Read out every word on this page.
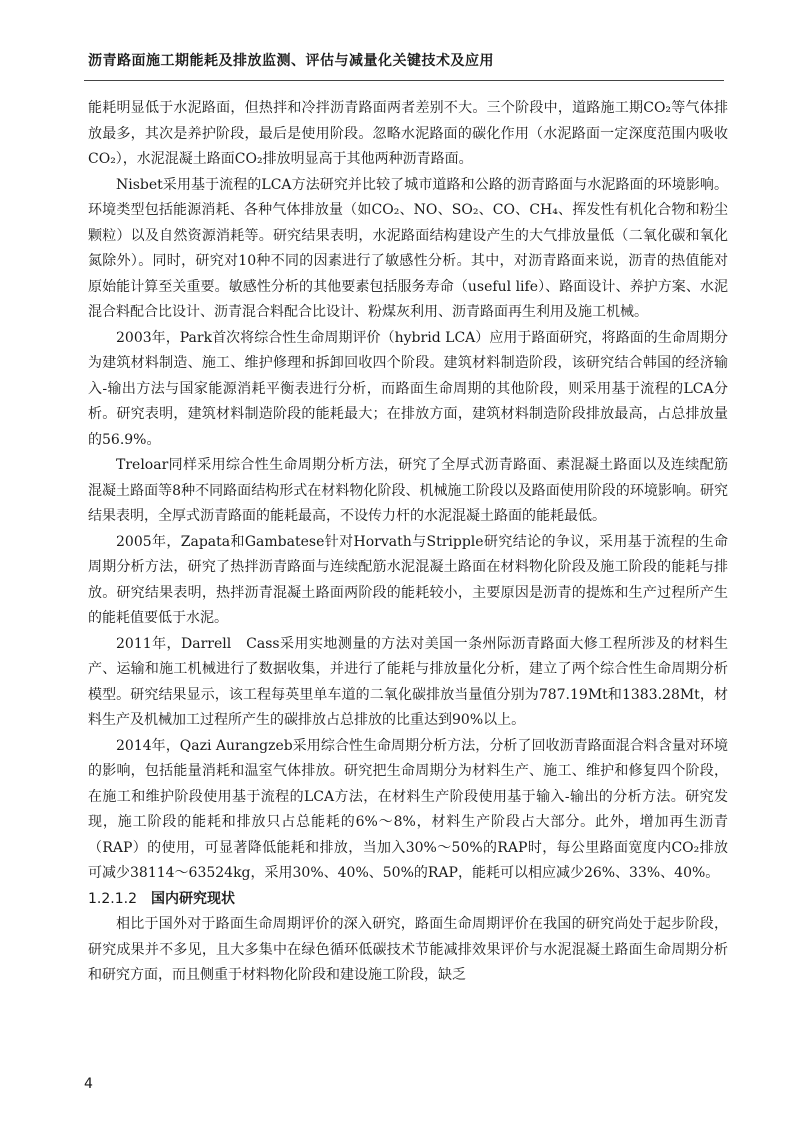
沥青路面施工期能耗及排放监测、评估与减量化关键技术及应用

能耗明显低于水泥路面，但热拌和冷拌沥青路面两者差别不大。三个阶段中，道路施工期CO₂等气体排放最多，其次是养护阶段，最后是使用阶段。忽略水泥路面的碳化作用（水泥路面一定深度范围内吸收CO₂），水泥混凝土路面CO₂排放明显高于其他两种沥青路面。

Nisbet采用基于流程的LCA方法研究并比较了城市道路和公路的沥青路面与水泥路面的环境影响。环境类型包括能源消耗、各种气体排放量（如CO₂、NO、SO₂、CO、CH₄、挥发性有机化合物和粉尘颗粒）以及自然资源消耗等。研究结果表明，水泥路面结构建设产生的大气排放量低（二氧化碳和氧化氮除外）。同时，研究对10种不同的因素进行了敏感性分析。其中，对沥青路面来说，沥青的热值能对原始能计算至关重要。敏感性分析的其他要素包括服务寿命（useful life）、路面设计、养护方案、水泥混合料配合比设计、沥青混合料配合比设计、粉煤灰利用、沥青路面再生利用及施工机械。

2003年，Park首次将综合性生命周期评价（hybrid LCA）应用于路面研究，将路面的生命周期分为建筑材料制造、施工、维护修理和拆卸回收四个阶段。建筑材料制造阶段，该研究结合韩国的经济输入-输出方法与国家能源消耗平衡表进行分析，而路面生命周期的其他阶段，则采用基于流程的LCA分析。研究表明，建筑材料制造阶段的能耗最大；在排放方面，建筑材料制造阶段排放最高，占总排放量的56.9%。

Treloar同样采用综合性生命周期分析方法，研究了全厚式沥青路面、素混凝土路面以及连续配筋混凝土路面等8种不同路面结构形式在材料物化阶段、机械施工阶段以及路面使用阶段的环境影响。研究结果表明，全厚式沥青路面的能耗最高，不设传力杆的水泥混凝土路面的能耗最低。

2005年，Zapata和Gambatese针对Horvath与Stripple研究结论的争议，采用基于流程的生命周期分析方法，研究了热拌沥青路面与连续配筋水泥混凝土路面在材料物化阶段及施工阶段的能耗与排放。研究结果表明，热拌沥青混凝土路面两阶段的能耗较小，主要原因是沥青的提炼和生产过程所产生的能耗值要低于水泥。

2011年，Darrell　Cass采用实地测量的方法对美国一条州际沥青路面大修工程所涉及的材料生产、运输和施工机械进行了数据收集，并进行了能耗与排放量化分析，建立了两个综合性生命周期分析模型。研究结果显示，该工程每英里单车道的二氧化碳排放当量值分别为787.19Mt和1383.28Mt，材料生产及机械加工过程所产生的碳排放占总排放的比重达到90%以上。

2014年，Qazi Aurangzeb采用综合性生命周期分析方法，分析了回收沥青路面混合料含量对环境的影响，包括能量消耗和温室气体排放。研究把生命周期分为材料生产、施工、维护和修复四个阶段，在施工和维护阶段使用基于流程的LCA方法，在材料生产阶段使用基于输入-输出的分析方法。研究发现，施工阶段的能耗和排放只占总能耗的6%～8%，材料生产阶段占大部分。此外，增加再生沥青（RAP）的使用，可显著降低能耗和排放，当加入30%～50%的RAP时，每公里路面宽度内CO₂排放可减少38114～63524kg，采用30%、40%、50%的RAP，能耗可以相应减少26%、33%、40%。

1.2.1.2 国内研究现状

相比于国外对于路面生命周期评价的深入研究，路面生命周期评价在我国的研究尚处于起步阶段，研究成果并不多见，且大多集中在绿色循环低碳技术节能减排效果评价与水泥混凝土路面生命周期分析和研究方面，而且侧重于材料物化阶段和建设施工阶段，缺乏

4
